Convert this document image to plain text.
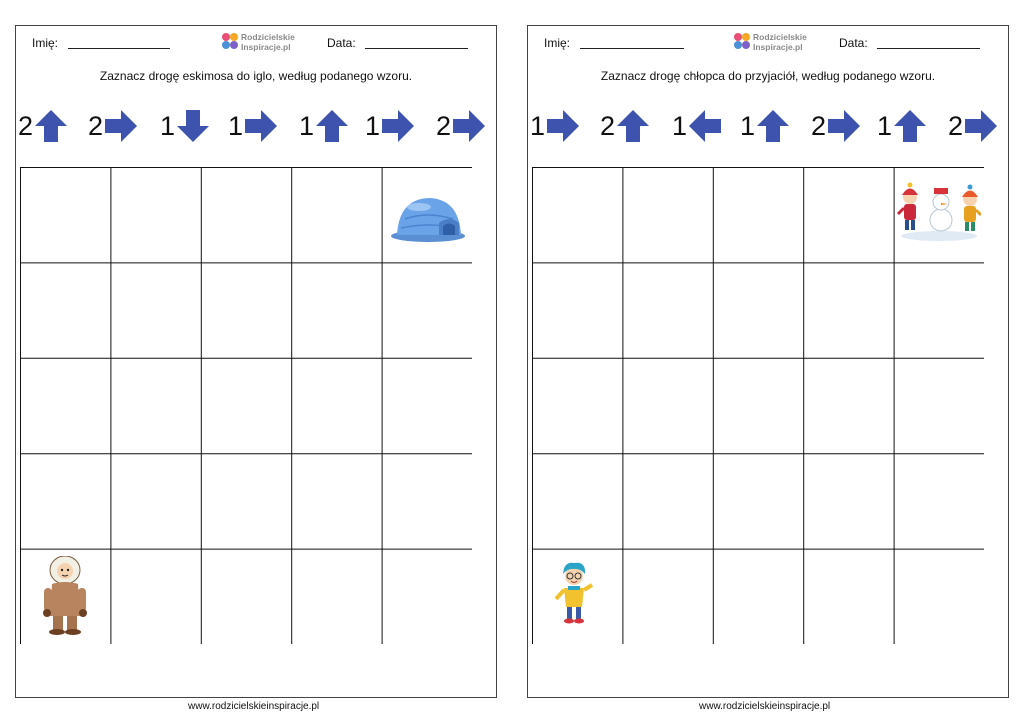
Imię:	Rodzicielskie
Inspiracje.pl	Data:
Zaznacz drogę eskimosa do iglo, według podanego wzoru.
2 2 1 1 1 1 2
Imię:	Rodzicielskie
Inspiracje.pl	Data:
Zaznacz drogę chłopca do przyjaciół, według podanego wzoru.
1 2 1 1 2 1 2
www.rodzicielskieinspiracje.pl	www.rodzicielskieinspiracje.pl
